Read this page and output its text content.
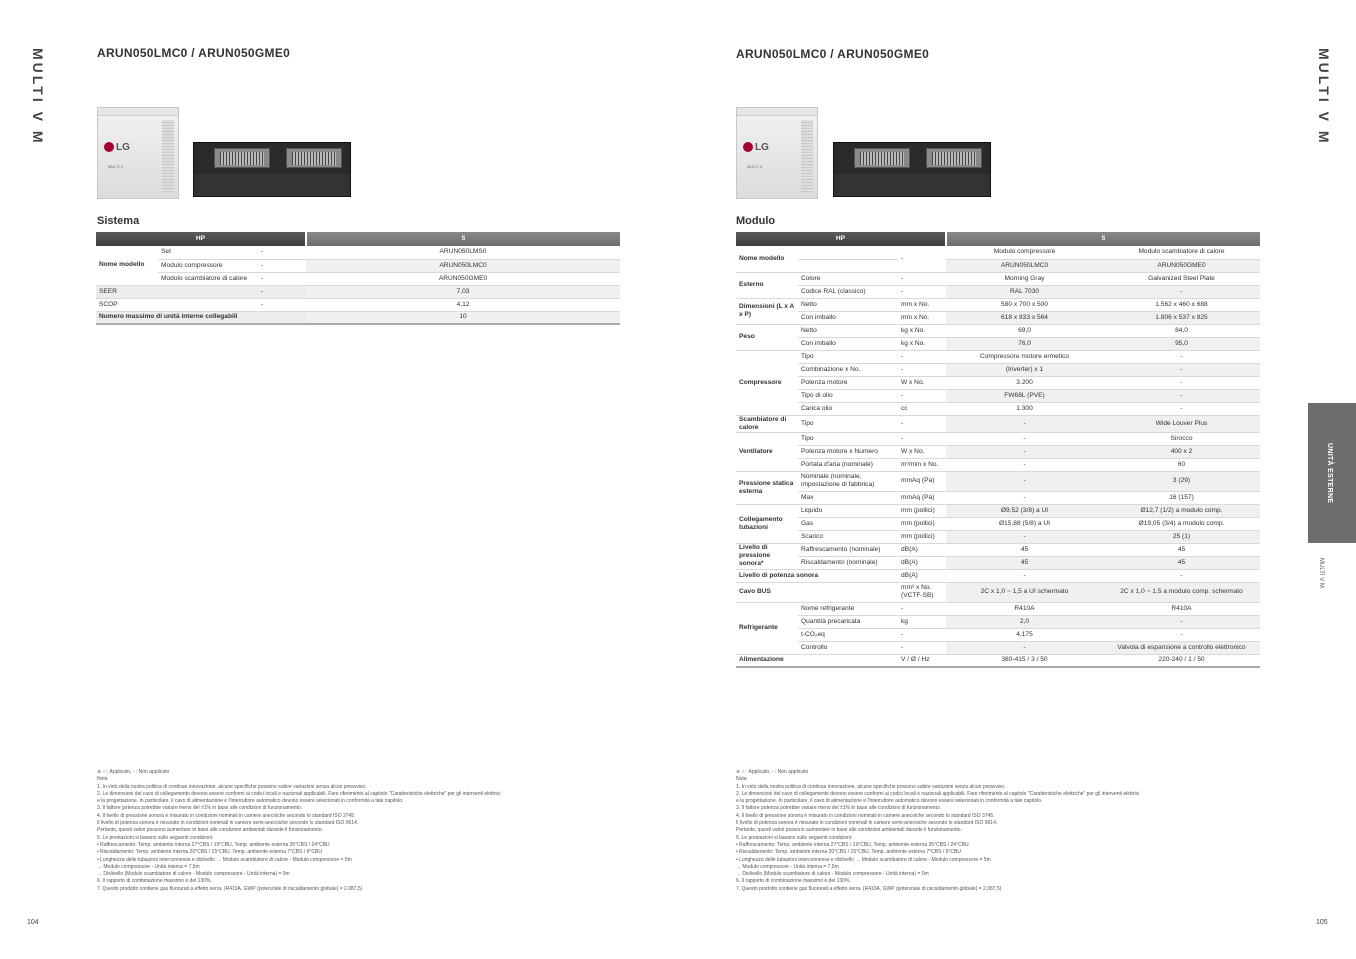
MULTI V M	MULTI V M
ARUN050LMC0 / ARUN050GME0
LG
MULTI V
Sistema
HP			5
Nome modello	Set	-	ARUN050LMS0
	Modulo compressore	-	ARUN050LMC0
	Modulo scambiatore di calore	-	ARUN050GME0
SEER		-	7,03
SCOP		-	4,12
Numero massimo di unità interne collegabili			10
※ ○ : Applicato, - : Non applicato
Nota
1. In virtù della nostra politica di continua innovazione, alcune specifiche possono subire variazioni senza alcun preavviso.
2. Le dimensioni del cavo di collegamento devono essere conformi ai codici locali e nazionali applicabili. Fare riferimento al capitolo "Caratteristiche elettriche" per gli interventi elettrici
e la progettazione. In particolare, il cavo di alimentazione e l'interruttore automatico devono essere selezionati in conformità a tale capitolo.
3. Il fattore potenza potrebbe variare meno del ±1% in base alle condizioni di funzionamento.
4. Il livello di pressione sonora è misurato in condizioni nominali in camere anecoiche secondo lo standard ISO 3745.
Il livello di potenza sonora è misurato in condizioni nominali in camere semi-anecoiche secondo lo standard ISO 9614.
Pertanto, questi valori possono aumentare in base alle condizioni ambientali durante il funzionamento.
5. Le prestazioni si basano sulle seguenti condizioni:
• Raffrescamento: Temp. ambiente interna 27°CBS / 19°CBU, Temp. ambiente esterna 35°CBS / 24°CBU
• Riscaldamento: Temp. ambiente interna 20°CBS / 15°CBU, Temp. ambiente esterna 7°CBS / 6°CBU
• Lunghezza delle tubazioni interconnesse e dislivello → Modulo scambiatore di calore - Modulo compressore = 5m
→ Modulo compressore - Unità interna = 7,5m
→ Dislivello (Modulo scambiatore di calore - Modulo compressore - Unità interna) = 0m
6. Il rapporto di combinazione massimo è del 130%.
7. Questo prodotto contiene gas fluorurati a effetto serra. (R410A, GWP (potenziale di riscaldamento globale) = 2.087,5)
104
ARUN050LMC0 / ARUN050GME0
LG
MULTI V
Modulo
HP			5	
Nome modello		-	Modulo compressore	Modulo scambiatore di calore
			ARUN050LMC0	ARUN050GME0
Esterno	Colore	-	Morning Gray	Galvanized Steel Plate
	Codice RAL (classico)	-	RAL 7030	-
Dimensioni (L x A x P)	Netto	mm x No.	580 x 700 x 500	1.562 x 460 x 688
	Con imballo	mm x No.	618 x 833 x 564	1.806 x 537 x 825
Peso	Netto	kg x No.	69,0	84,0
	Con imballo	kg x No.	76,0	95,0
Compressore	Tipo	-	Compressore motore ermetico	-
	Combinazione x No.	-	(Inverter) x 1	-
	Potenza motore	W x No.	3.200	-
	Tipo di olio	-	FW68L (PVE)	-
	Carica olio	cc	1.300	-
Scambiatore di calore	Tipo	-	-	Wide Louver Plus
Ventilatore	Tipo	-	-	Sirocco
	Potenza motore x Numero	W x No.	-	400 x 2
	Portata d'aria (nominale)	m³/min x No.	-	60
Pressione statica esterna	Nominale (nominale, impostazione di fabbrica)	mmAq (Pa)	-	3 (29)
	Max	mmAq (Pa)	-	16 (157)
Collegamento tubazioni	Liquido	mm (pollici)	Ø9,52 (3/8) a UI	Ø12,7 (1/2) a modulo comp.
	Gas	mm (pollici)	Ø15,88 (5/8) a UI	Ø19,05 (3/4) a modulo comp.
	Scarico	mm (pollici)	-	25 (1)
Livello di pressione sonora*	Raffrescamento (nominale)	dB(A)	45	45
	Riscaldamento (nominale)	dB(A)	45	45
Livello di potenza sonora		dB(A)	-	-
Cavo BUS		mm² x No. (VCTF-SB)	2C x 1,0 ~ 1,5 a UI schermato	2C x 1,0 ~ 1,5 a modulo comp. schermato
Refrigerante	Nome refrigerante	-	R410A	R410A
	Quantità precaricata	kg	2,0	-
	t-CO₂eq	-	4,175	-
	Controllo	-	-	Valvola di espansione a controllo elettronico
Alimentazione		V / Ø / Hz	380-415 / 3 / 50	220-240 / 1 / 50
※ ○ : Applicato, - : Non applicato
Nota
1. In virtù della nostra politica di continua innovazione, alcune specifiche possono subire variazioni senza alcun preavviso.
2. Le dimensioni del cavo di collegamento devono essere conformi ai codici locali e nazionali applicabili. Fare riferimento al capitolo "Caratteristiche elettriche" per gli interventi elettrici
e la progettazione. In particolare, il cavo di alimentazione e l'interruttore automatico devono essere selezionati in conformità a tale capitolo.
3. Il fattore potenza potrebbe variare meno del ±1% in base alle condizioni di funzionamento.
4. Il livello di pressione sonora è misurato in condizioni nominali in camere anecoiche secondo lo standard ISO 3745.
Il livello di potenza sonora è misurato in condizioni nominali in camere semi-anecoiche secondo lo standard ISO 9614.
Pertanto, questi valori possono aumentare in base alle condizioni ambientali durante il funzionamento.
5. Le prestazioni si basano sulle seguenti condizioni:
• Raffrescamento: Temp. ambiente interna 27°CBS / 19°CBU, Temp. ambiente esterna 35°CBS / 24°CBU
• Riscaldamento: Temp. ambiente interna 20°CBS / 15°CBU, Temp. ambiente esterna 7°CBS / 6°CBU
• Lunghezza delle tubazioni interconnesse e dislivello → Modulo scambiatore di calore - Modulo compressore = 5m
→ Modulo compressore - Unità interna = 7,5m
→ Dislivello (Modulo scambiatore di calore - Modulo compressore - Unità interna) = 0m
6. Il rapporto di combinazione massimo è del 130%.
7. Questo prodotto contiene gas fluorurati a effetto serra. (R410A, GWP (potenziale di riscaldamento globale) = 2.087,5)
105
UNITÀ ESTERNE
MULTI V M
